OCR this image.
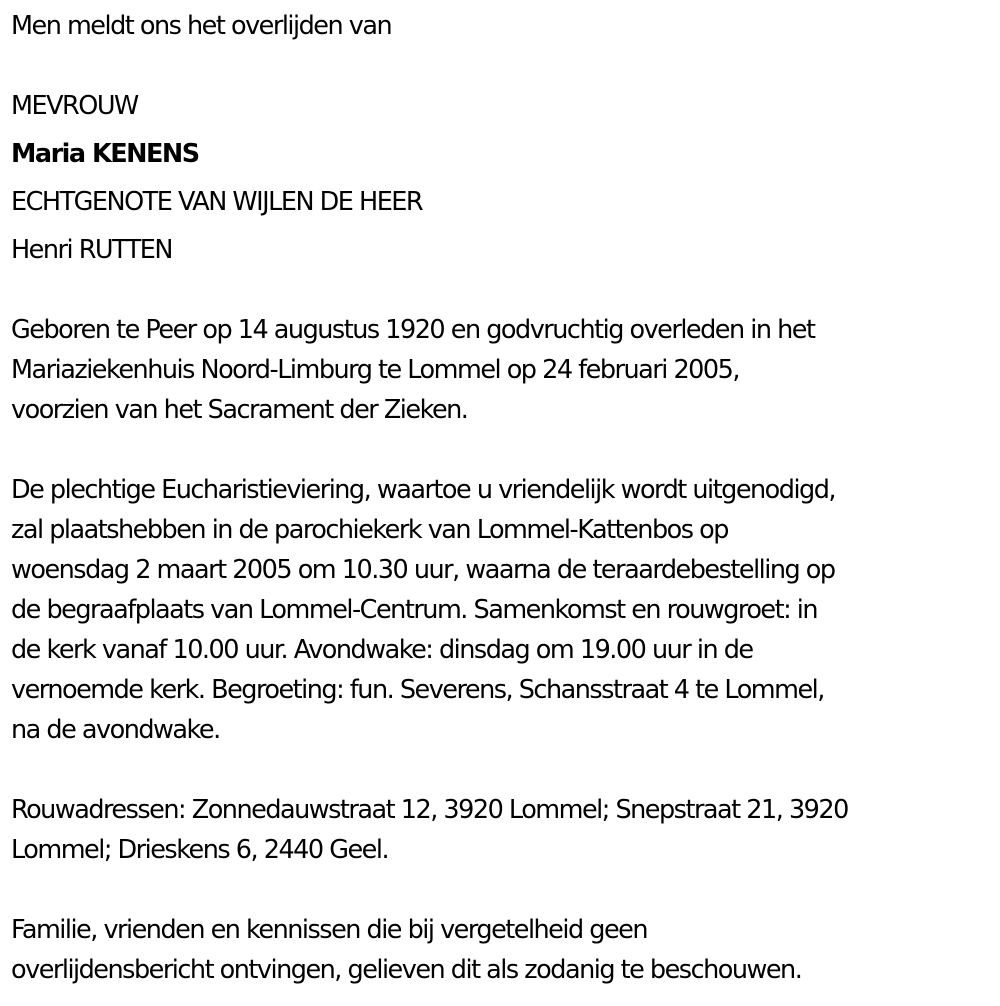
Men meldt ons het overlijden van
MEVROUW
Maria KENENS
ECHTGENOTE VAN WIJLEN DE HEER
Henri RUTTEN
Geboren te Peer op 14 augustus 1920 en godvruchtig overleden in het
Mariaziekenhuis Noord-Limburg te Lommel op 24 februari 2005,
voorzien van het Sacrament der Zieken.
De plechtige Eucharistieviering, waartoe u vriendelijk wordt uitgenodigd,
zal plaatshebben in de parochiekerk van Lommel-Kattenbos op
woensdag 2 maart 2005 om 10.30 uur, waarna de teraardebestelling op
de begraafplaats van Lommel-Centrum. Samenkomst en rouwgroet: in
de kerk vanaf 10.00 uur. Avondwake: dinsdag om 19.00 uur in de
vernoemde kerk. Begroeting: fun. Severens, Schansstraat 4 te Lommel,
na de avondwake.
Rouwadressen: Zonnedauwstraat 12, 3920 Lommel; Snepstraat 21, 3920
Lommel; Drieskens 6, 2440 Geel.
Familie, vrienden en kennissen die bij vergetelheid geen
overlijdensbericht ontvingen, gelieven dit als zodanig te beschouwen.
